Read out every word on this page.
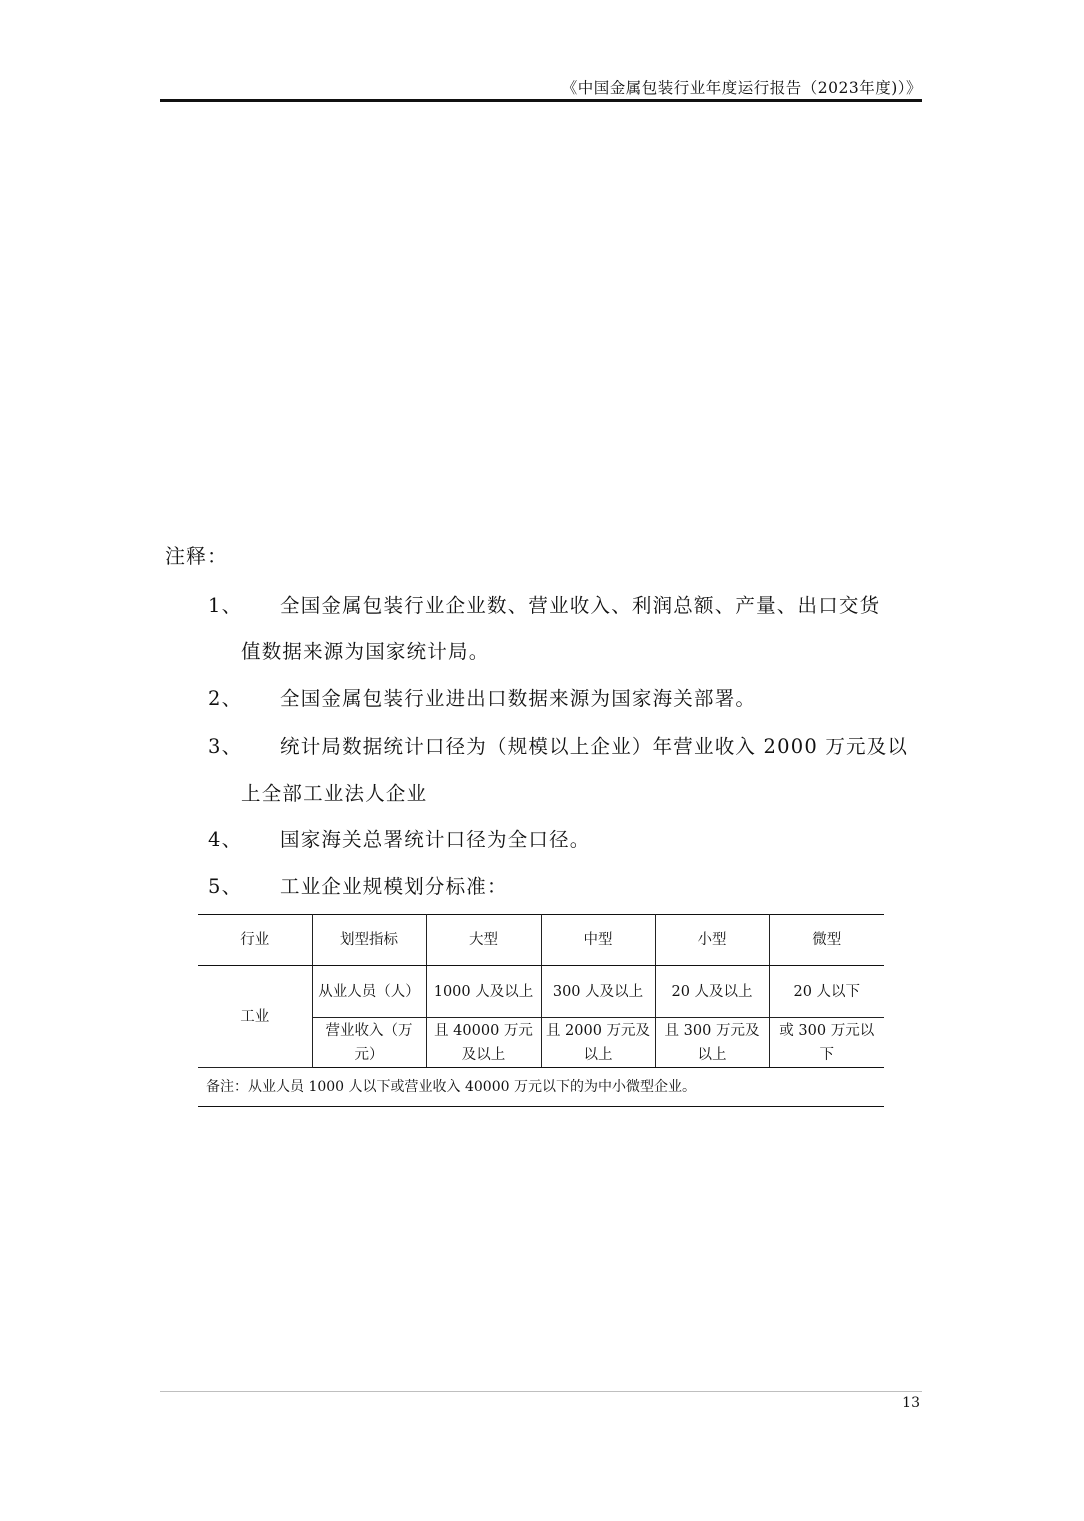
《中国金属包装行业年度运行报告（2023年度)）》
注释：
1、 全国金属包装行业企业数、营业收入、利润总额、产量、出口交货
值数据来源为国家统计局。
2、 全国金属包装行业进出口数据来源为国家海关部署。
3、 统计局数据统计口径为（规模以上企业）年营业收入 2000 万元及以
上全部工业法人企业
4、 国家海关总署统计口径为全口径。
5、 工业企业规模划分标准：
行业	划型指标	大型	中型	小型	微型
工业	从业人员（人）	1000 人及以上	300 人及以上	20 人及以上	20 人以下
	营业收入（万元）	且 40000 万元及以上	且 2000 万元及以上	且 300 万元及以上	或 300 万元以下
备注：从业人员 1000 人以下或营业收入 40000 万元以下的为中小微型企业。					
13
